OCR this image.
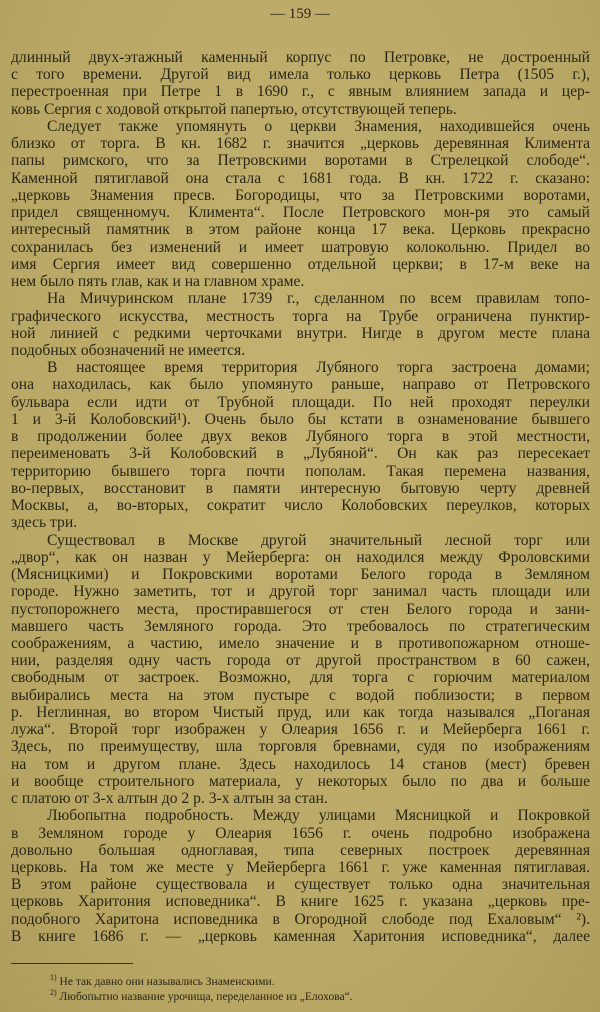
— 159 —
длинный двух-этажный каменный корпус по Петровке, не достроенный
с того времени. Другой вид имела только церковь Петра (1505 г.),
перестроенная при Петре 1 в 1690 г., с явным влиянием запада и цер-
ковь Сергия с ходовой открытой папертью, отсутствующей теперь.
Следует также упомянуть о церкви Знамения, находившейся очень
близко от торга. В кн. 1682 г. значится „церковь деревянная Климента
папы римского, что за Петровскими воротами в Стрелецкой слободе“.
Каменной пятиглавой она стала с 1681 года. В кн. 1722 г. сказано:
„церковь Знамения пресв. Богородицы, что за Петровскими воротами,
придел священномуч. Климента“. После Петровского мон-ря это самый
интересный памятник в этом районе конца 17 века. Церковь прекрасно
сохранилась без изменений и имеет шатровую колокольню. Придел во
имя Сергия имеет вид совершенно отдельной церкви; в 17-м веке на
нем было пять глав, как и на главном храме.
На Мичуринском плане 1739 г., сделанном по всем правилам топо-
графического искусства, местность торга на Трубе ограничена пунктир-
ной линией с редкими черточками внутри. Нигде в другом месте плана
подобных обозначений не имеется.
В настоящее время территория Лубяного торга застроена домами;
она находилась, как было упомянуто раньше, направо от Петровского
бульвара если идти от Трубной площади. По ней проходят переулки
1 и 3-й Колобовский¹). Очень было бы кстати в ознаменование бывшего
в продолжении более двух веков Лубяного торга в этой местности,
переименовать 3-й Колобовский в „Лубяной“. Он как раз пересекает
территорию бывшего торга почти пополам. Такая перемена названия,
во-первых, восстановит в памяти интересную бытовую черту древней
Москвы, а, во-вторых, сократит число Колобовских переулков, которых
здесь три.
Существовал в Москве другой значительный лесной торг или
„двор“, как он назван у Мейерберга: он находился между Фроловскими
(Мясницкими) и Покровскими воротами Белого города в Земляном
городе. Нужно заметить, тот и другой торг занимал часть площади или
пустопорожнего места, простиравшегося от стен Белого города и зани-
мавшего часть Земляного города. Это требовалось по стратегическим
соображениям, а частию, имело значение и в противопожарном отноше-
нии, разделяя одну часть города от другой пространством в 60 сажен,
свободным от застроек. Возможно, для торга с горючим материалом
выбирались места на этом пустыре с водой поблизости; в первом
р. Неглинная, во втором Чистый пруд, или как тогда назывался „Поганая
лужа“. Второй торг изображен у Олеария 1656 г. и Мейерберга 1661 г.
Здесь, по преимуществу, шла торговля бревнами, судя по изображениям
на том и другом плане. Здесь находилось 14 станов (мест) бревен
и вообще строительного материала, у некоторых было по два и больше
с платою от 3-х алтын до 2 р. 3-х алтын за стан.
Любопытна подробность. Между улицами Мясницкой и Покровкой
в Земляном городе у Олеария 1656 г. очень подробно изображена
довольно большая одноглавая, типа северных построек деревянная
церковь. На том же месте у Мейерберга 1661 г. уже каменная пятиглавая.
В этом районе существовала и существует только одна значительная
церковь Харитония исповедника“. В книге 1625 г. указана „церковь пре-
подобного Харитона исповедника в Огородной слободе под Ехаловым“ ²).
В книге 1686 г. — „церковь каменная Харитония исповедника“, далее
$^{1)}$ Не так давно они назывались Знаменскими.
$^{2)}$ Любопытно название урочища, переделанное из „Елохова“.
